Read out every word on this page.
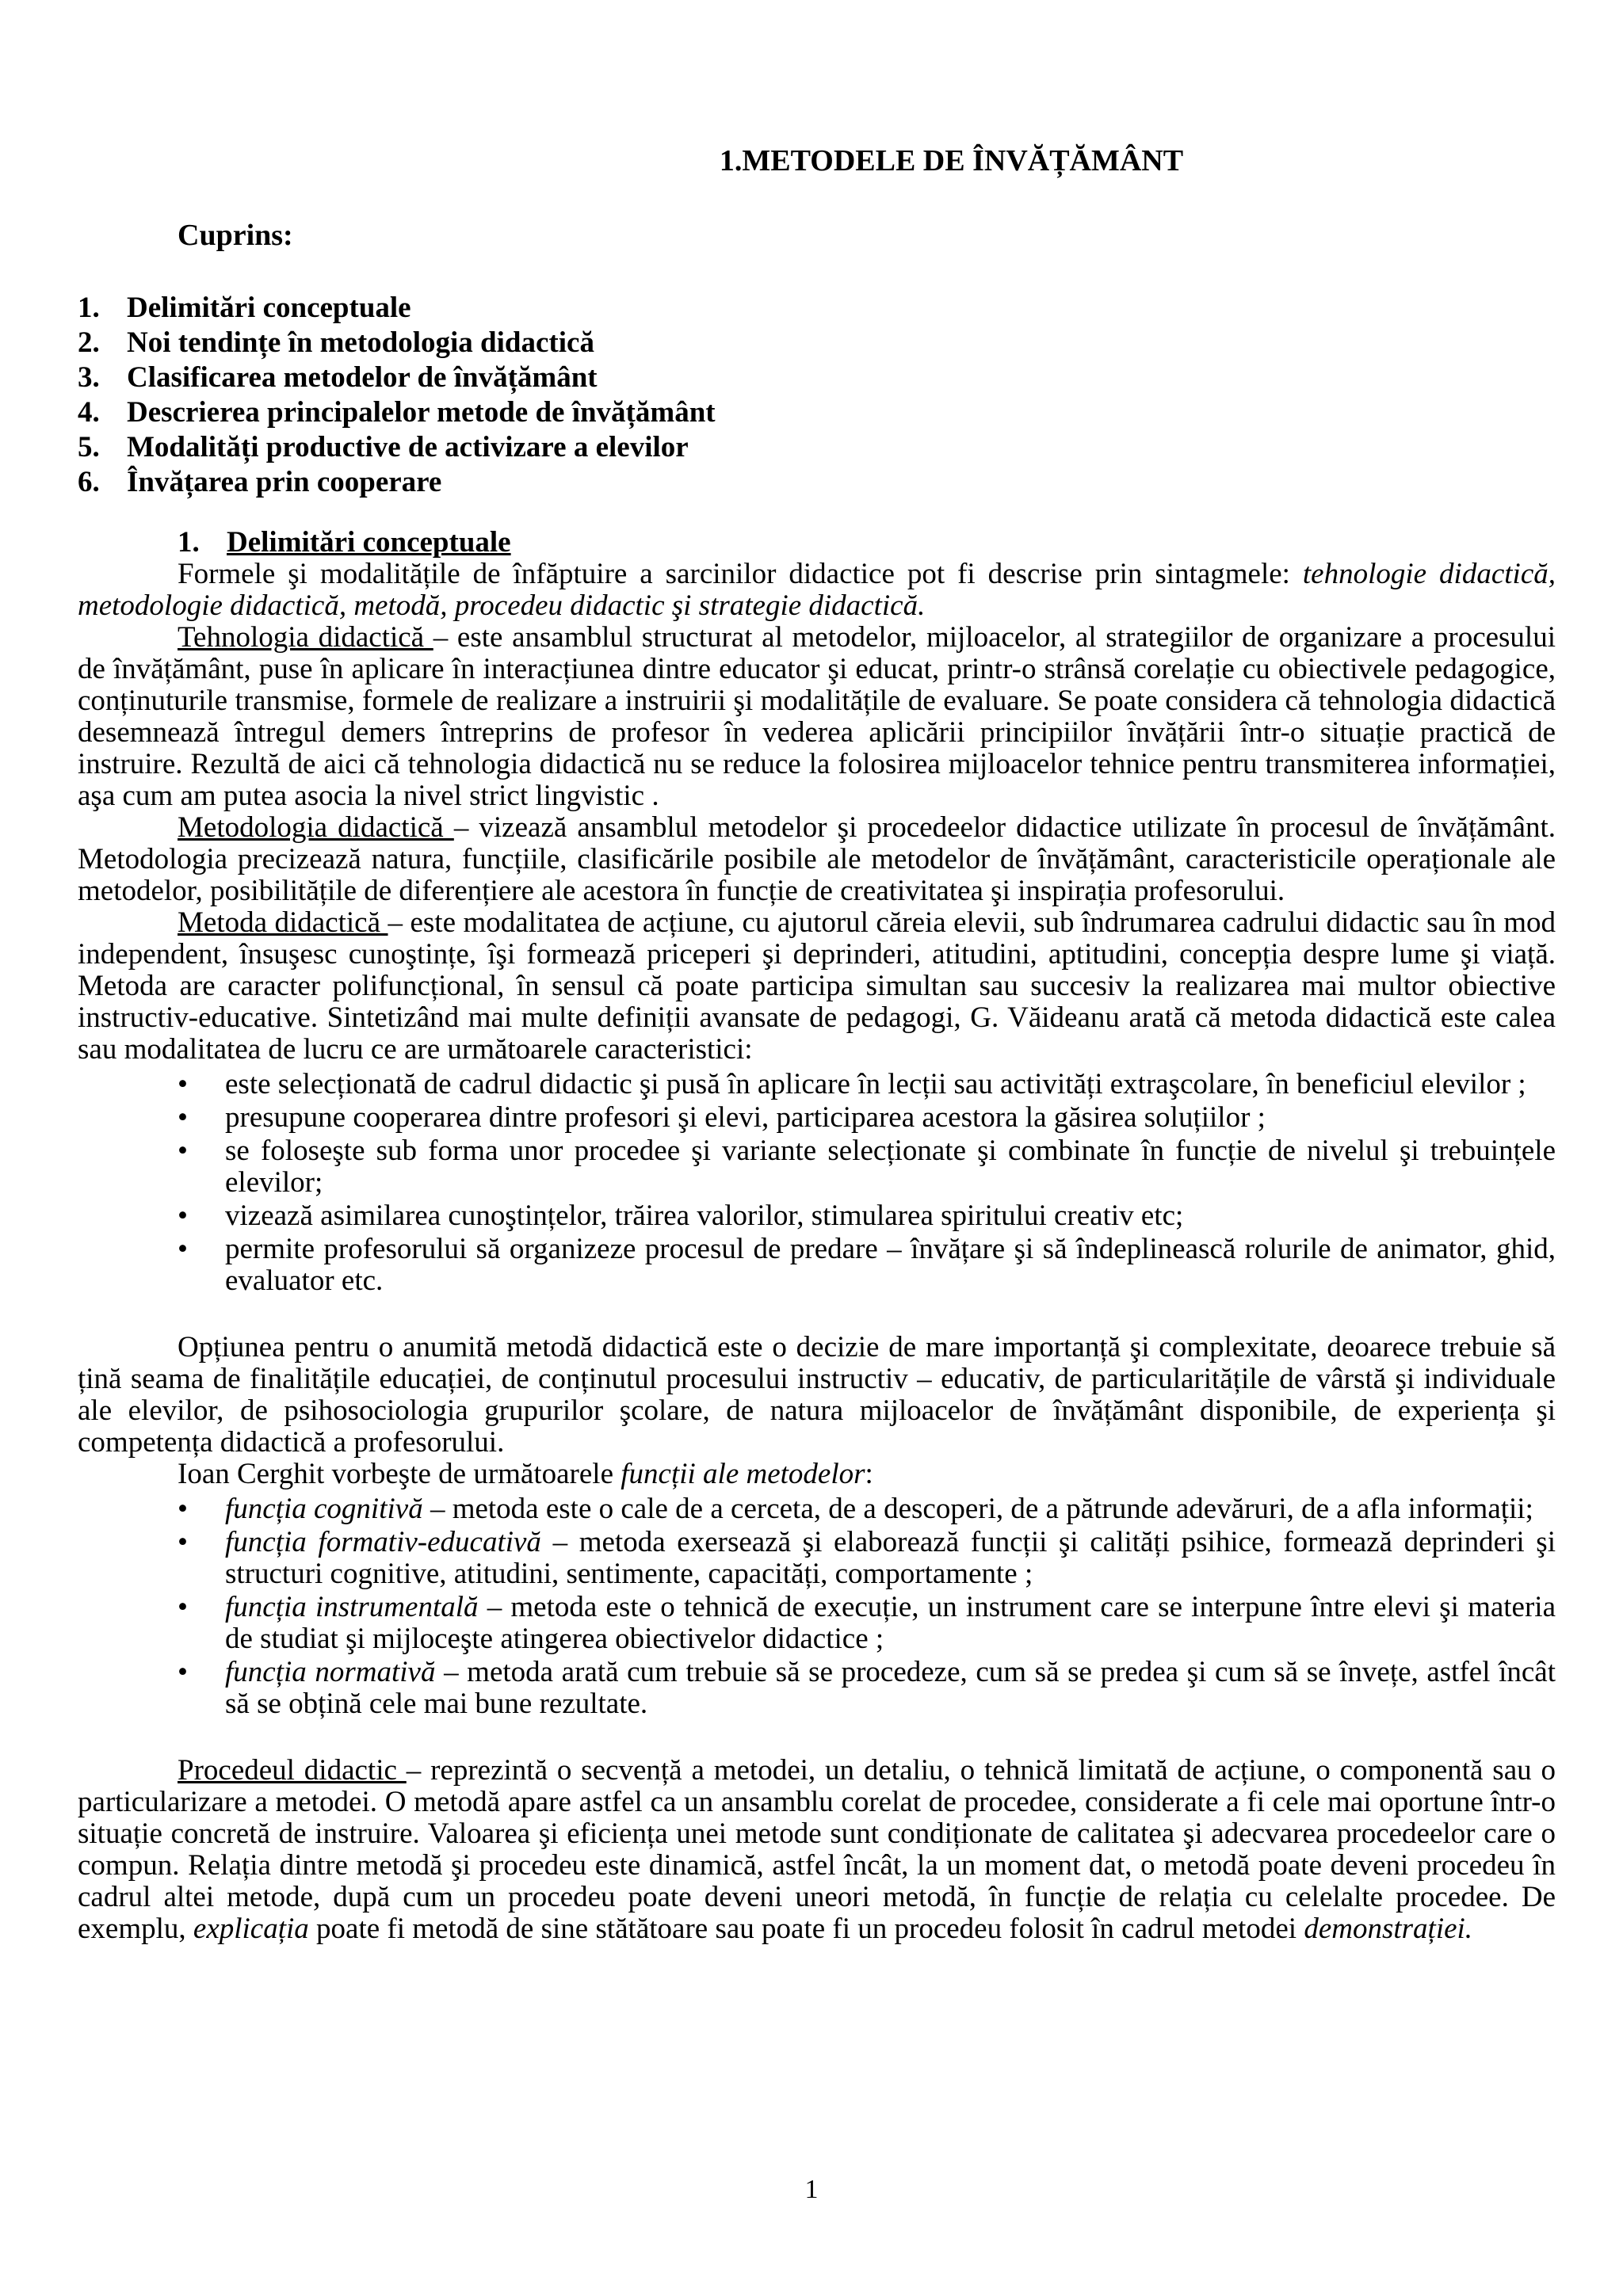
1.METODELE DE ÎNVĂȚĂMÂNT
Cuprins:
1. Delimitări conceptuale
2. Noi tendințe în metodologia didactică
3. Clasificarea metodelor de învățământ
4. Descrierea principalelor metode de învățământ
5. Modalități productive de activizare a elevilor
6. Învățarea prin cooperare
1. Delimitări conceptuale

Formele şi modalitățile de înfăptuire a sarcinilor didactice pot fi descrise prin sintagmele: tehnologie didactică, metodologie didactică, metodă, procedeu didactic şi strategie didactică.

Tehnologia didactică – este ansamblul structurat al metodelor, mijloacelor, al strategiilor de organizare a procesului de învățământ, puse în aplicare în interacțiunea dintre educator şi educat, printr-o strânsă corelație cu obiectivele pedagogice, conținuturile transmise, formele de realizare a instruirii şi modalitățile de evaluare. Se poate considera că tehnologia didactică desemnează întregul demers întreprins de profesor în vederea aplicării principiilor învățării într-o situație practică de instruire. Rezultă de aici că tehnologia didactică nu se reduce la folosirea mijloacelor tehnice pentru transmiterea informației, aşa cum am putea asocia la nivel strict lingvistic .

Metodologia didactică – vizează ansamblul metodelor şi procedeelor didactice utilizate în procesul de învățământ. Metodologia precizează natura, funcțiile, clasificările posibile ale metodelor de învățământ, caracteristicile operaționale ale metodelor, posibilitățile de diferențiere ale acestora în funcție de creativitatea şi inspirația profesorului.

Metoda didactică – este modalitatea de acțiune, cu ajutorul căreia elevii, sub îndrumarea cadrului didactic sau în mod independent, însuşesc cunoştințe, îşi formează priceperi şi deprinderi, atitudini, aptitudini, concepția despre lume şi viață. Metoda are caracter polifuncțional, în sensul că poate participa simultan sau succesiv la realizarea mai multor obiective instructiv-educative. Sintetizând mai multe definiții avansate de pedagogi, G. Văideanu arată că metoda didactică este calea sau modalitatea de lucru ce are următoarele caracteristici:

• este selecționată de cadrul didactic şi pusă în aplicare în lecții sau activități extraşcolare, în beneficiul elevilor ;
• presupune cooperarea dintre profesori şi elevi, participarea acestora la găsirea soluțiilor ;
• se foloseşte sub forma unor procedee şi variante selecționate şi combinate în funcție de nivelul şi trebuințele elevilor;
• vizează asimilarea cunoştințelor, trăirea valorilor, stimularea spiritului creativ etc;
• permite profesorului să organizeze procesul de predare – învățare şi să îndeplinească rolurile de animator, ghid, evaluator etc.

Opțiunea pentru o anumită metodă didactică este o decizie de mare importanță şi complexitate, deoarece trebuie să țină seama de finalitățile educației, de conținutul procesului instructiv – educativ, de particularitățile de vârstă şi individuale ale elevilor, de psihosociologia grupurilor şcolare, de natura mijloacelor de învățământ disponibile, de experiența şi competența didactică a profesorului.

Ioan Cerghit vorbeşte de următoarele funcții ale metodelor:

• funcția cognitivă – metoda este o cale de a cerceta, de a descoperi, de a pătrunde adevăruri, de a afla informații;
• funcția formativ-educativă – metoda exersează şi elaborează funcții şi calități psihice, formează deprinderi şi structuri cognitive, atitudini, sentimente, capacități, comportamente ;
• funcția instrumentală – metoda este o tehnică de execuție, un instrument care se interpune între elevi şi materia de studiat şi mijloceşte atingerea obiectivelor didactice ;
• funcția normativă – metoda arată cum trebuie să se procedeze, cum să se predea şi cum să se învețe, astfel încât să se obțină cele mai bune rezultate.

Procedeul didactic – reprezintă o secvență a metodei, un detaliu, o tehnică limitată de acțiune, o componentă sau o particularizare a metodei. O metodă apare astfel ca un ansamblu corelat de procedee, considerate a fi cele mai oportune într-o situație concretă de instruire. Valoarea şi eficiența unei metode sunt condiționate de calitatea şi adecvarea procedeelor care o compun. Relația dintre metodă şi procedeu este dinamică, astfel încât, la un moment dat, o metodă poate deveni procedeu în cadrul altei metode, după cum un procedeu poate deveni uneori metodă, în funcție de relația cu celelalte procedee. De exemplu, explicația poate fi metodă de sine stătătoare sau poate fi un procedeu folosit în cadrul metodei demonstrației.

1
